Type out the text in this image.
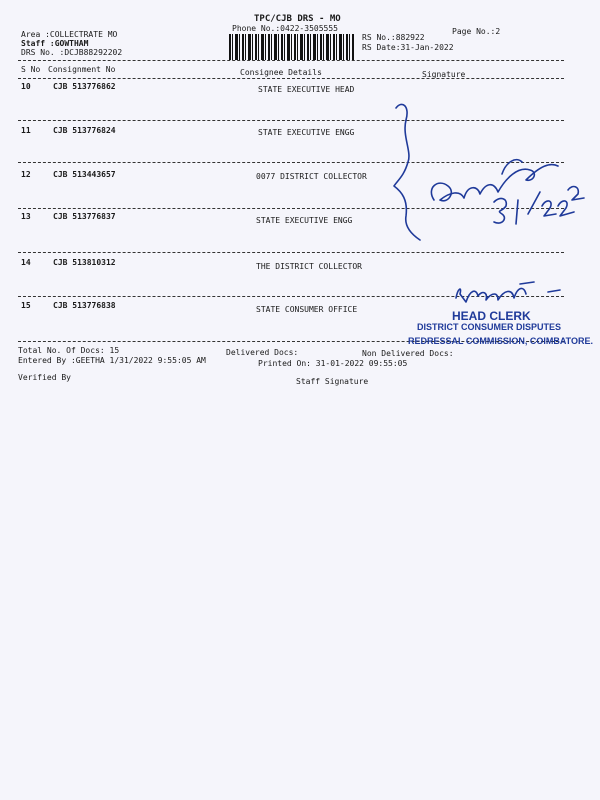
TPC/CJB DRS - MO
Phone No.:0422-3505555	Page No.:2
Area :COLLECTRATE MO
Staff :GOWTHAM
DRS No. :DCJB88292202
RS No.:882922
RS Date:31-Jan-2022
S No Consignment No	Consignee Details	Signature
10	CJB 513776862	STATE EXECUTIVE HEAD
11	CJB 513776824	STATE EXECUTIVE ENGG
12	CJB 513443657	0077 DISTRICT COLLECTOR
13	CJB 513776837	STATE EXECUTIVE ENGG
14	CJB 513810312	THE DISTRICT COLLECTOR
15	CJB 513776838	STATE CONSUMER OFFICE	HEAD CLERK
DISTRICT CONSUMER DISPUTES
REDRESSAL COMMISSION, COIMBATORE.
Total No. Of Docs: 15	Delivered Docs:	Non Delivered Docs:
Entered By :GEETHA 1/31/2022 9:55:05 AM	Printed On: 31-01-2022 09:55:05
Verified By	Staff Signature
